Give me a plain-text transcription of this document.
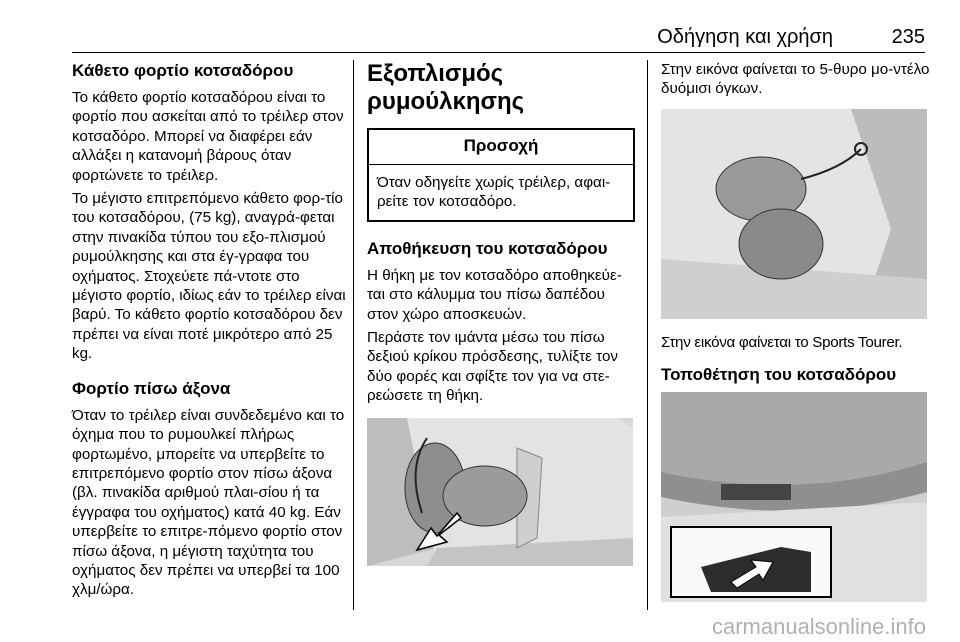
Οδήγηση και χρήση	235
Κάθετο φορτίο κοτσαδόρου

Το κάθετο φορτίο κοτσαδόρου είναι το φορτίο που ασκείται από το τρέιλερ στον κοτσαδόρο. Μπορεί να διαφέρει εάν αλλάξει η κατανομή βάρους όταν φορτώνετε το τρέιλερ.

Το μέγιστο επιτρεπόμενο κάθετο φορ-τίο του κοτσαδόρου, (75 kg), αναγρά-φεται στην πινακίδα τύπου του εξο-πλισμού ρυμούλκησης και στα έγ-γραφα του οχήματος. Στοχεύετε πά-ντοτε στο μέγιστο φορτίο, ιδίως εάν το τρέιλερ είναι βαρύ. Το κάθετο φορτίο κοτσαδόρου δεν πρέπει να είναι ποτέ μικρότερο από 25 kg.

Φορτίο πίσω άξονα

Όταν το τρέιλερ είναι συνδεδεμένο και το όχημα που το ρυμουλκεί πλήρως φορτωμένο, μπορείτε να υπερβείτε το επιτρεπόμενο φορτίο στον πίσω άξονα (βλ. πινακίδα αριθμού πλαι-σίου ή τα έγγραφα του οχήματος) κατά 40 kg. Εάν υπερβείτε το επιτρε-πόμενο φορτίο στον πίσω άξονα, η μέγιστη ταχύτητα του οχήματος δεν πρέπει να υπερβεί τα 100 χλμ/ώρα.

Εξοπλισμός ρυμούλκησης
Προσοχή
Όταν οδηγείτε χωρίς τρέιλερ, αφαι-ρείτε τον κοτσαδόρο.
Αποθήκευση του κοτσαδόρου

Η θήκη με τον κοτσαδόρο αποθηκεύε-ται στο κάλυμμα του πίσω δαπέδου στον χώρο αποσκευών.

Περάστε τον ιμάντα μέσω του πίσω δεξιού κρίκου πρόσδεσης, τυλίξτε τον δύο φορές και σφίξτε τον για να στε-ρεώσετε τη θήκη.

Στην εικόνα φαίνεται το 5-θυρο μο-ντέλο δυόμισι όγκων.

Στην εικόνα φαίνεται το Sports Tourer.

Τοποθέτηση του κοτσαδόρου
carmanualsonline.info
